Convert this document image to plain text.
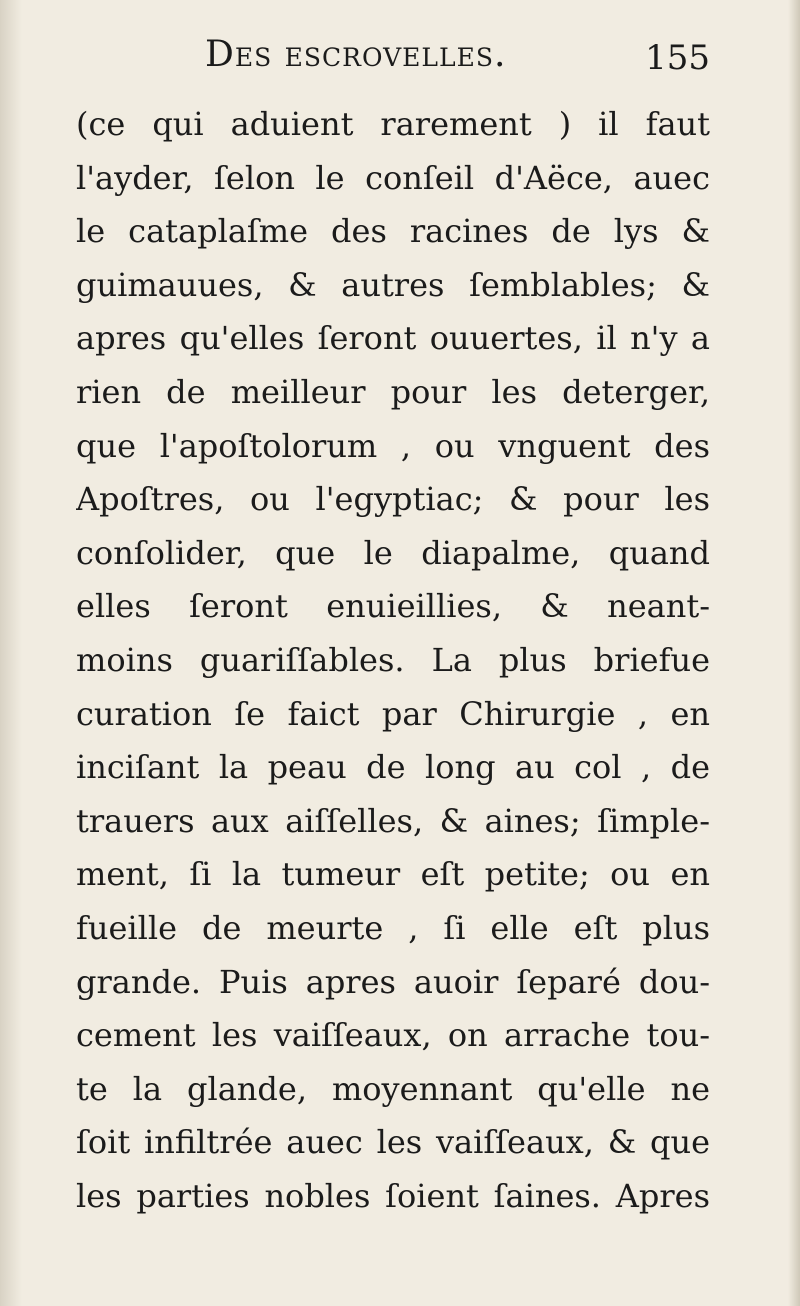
Des escrovelles.	155
(ce qui aduient rarement ) il faut
l'ayder, ſelon le conſeil d'Aëce, auec
le cataplaſme des racines de lys &
guimauues, & autres ſemblables; &
apres qu'elles ſeront ouuertes, il n'y a
rien de meilleur pour les deterger,
que l'apoſtolorum , ou vnguent des
Apoſtres, ou l'egyptiac; & pour les
conſolider, que le diapalme, quand
elles ſeront enuieillies, & neant-
moins guariſſables. La plus briefue
curation ſe faict par Chirurgie , en
inciſant la peau de long au col , de
trauers aux aiſſelles, & aines; ſimple-
ment, ſi la tumeur eſt petite; ou en
fueille de meurte , ſi elle eſt plus
grande. Puis apres auoir ſeparé dou-
cement les vaiſſeaux, on arrache tou-
te la glande, moyennant qu'elle ne
ſoit infiltrée auec les vaiſſeaux, & que
les parties nobles ſoient ſaines. Apres
